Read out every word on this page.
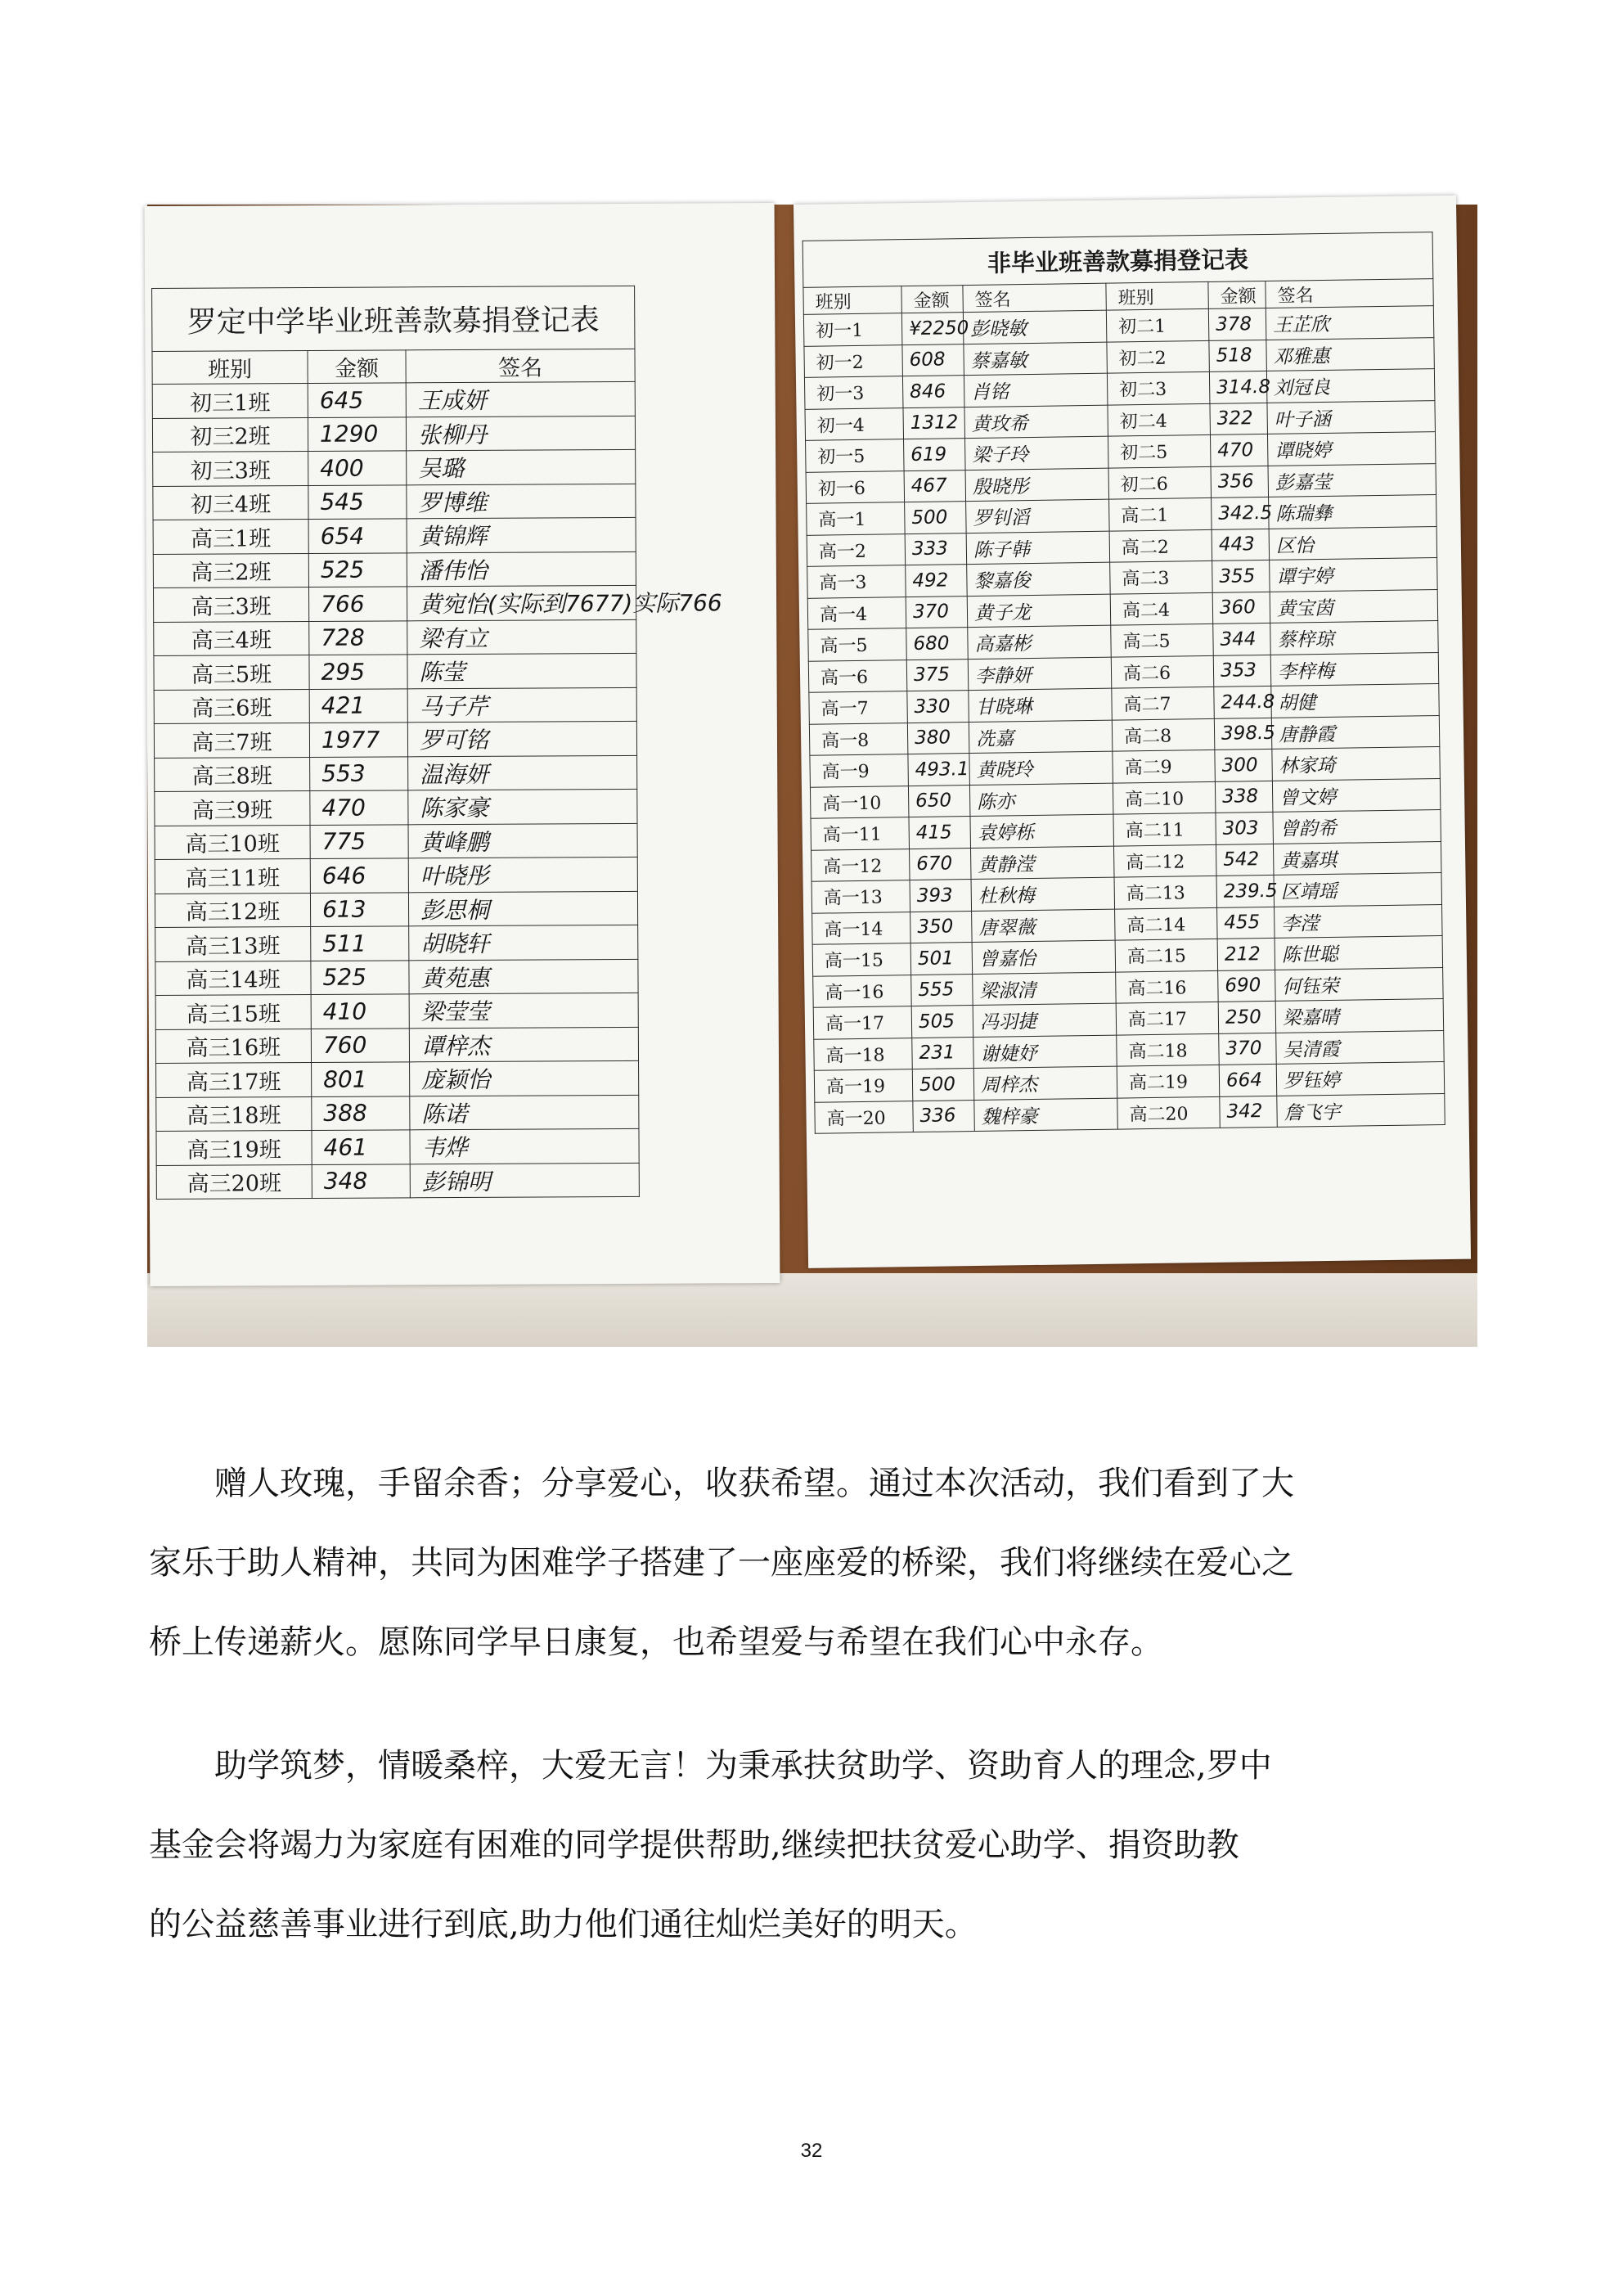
罗定中学毕业班善款募捐登记表		
班别	金额	签名
初三1班	645	王成妍
初三2班	1290	张柳丹
初三3班	400	吴璐
初三4班	545	罗博维
高三1班	654	黄锦辉
高三2班	525	潘伟怡
高三3班	766	黄宛怡(实际到7677)实际766
高三4班	728	梁有立
高三5班	295	陈莹
高三6班	421	马子芹
高三7班	1977	罗可铭
高三8班	553	温海妍
高三9班	470	陈家豪
高三10班	775	黄峰鹏
高三11班	646	叶晓彤
高三12班	613	彭思桐
高三13班	511	胡晓轩
高三14班	525	黄苑惠
高三15班	410	梁莹莹
高三16班	760	谭梓杰
高三17班	801	庞颖怡
高三18班	388	陈诺
高三19班	461	韦烨
高三20班	348	彭锦明
非毕业班善款募捐登记表					
班别	金额	签名	班别	金额	签名
初一1	¥2250	彭晓敏	初二1	378	王芷欣
初一2	608	蔡嘉敏	初二2	518	邓雅惠
初一3	846	肖铭	初二3	314.8	刘冠良
初一4	1312	黄玫希	初二4	322	叶子涵
初一5	619	梁子玲	初二5	470	谭晓婷
初一6	467	殷晓彤	初二6	356	彭嘉莹
高一1	500	罗钊滔	高二1	342.5	陈瑞彝
高一2	333	陈子韩	高二2	443	区怡
高一3	492	黎嘉俊	高二3	355	谭宇婷
高一4	370	黄子龙	高二4	360	黄宝茵
高一5	680	高嘉彬	高二5	344	蔡梓琼
高一6	375	李静妍	高二6	353	李梓梅
高一7	330	甘晓琳	高二7	244.8	胡健
高一8	380	冼嘉	高二8	398.5	唐静霞
高一9	493.1	黄晓玲	高二9	300	林家琦
高一10	650	陈亦	高二10	338	曾文婷
高一11	415	袁婷栎	高二11	303	曾韵希
高一12	670	黄静滢	高二12	542	黄嘉琪
高一13	393	杜秋梅	高二13	239.5	区靖瑶
高一14	350	唐翠薇	高二14	455	李滢
高一15	501	曾嘉怡	高二15	212	陈世聪
高一16	555	梁淑清	高二16	690	何钰荣
高一17	505	冯羽捷	高二17	250	梁嘉晴
高一18	231	谢婕妤	高二18	370	吴清霞
高一19	500	周梓杰	高二19	664	罗钰婷
高一20	336	魏梓豪	高二20	342	詹飞宇

　　赠人玫瑰，手留余香；分享爱心，收获希望。通过本次活动，我们看到了大

家乐于助人精神，共同为困难学子搭建了一座座爱的桥梁，我们将继续在爱心之

桥上传递薪火。愿陈同学早日康复，也希望爱与希望在我们心中永存。

　　助学筑梦，情暖桑梓，大爱无言！为秉承扶贫助学、资助育人的理念,罗中

基金会将竭力为家庭有困难的同学提供帮助,继续把扶贫爱心助学、捐资助教

的公益慈善事业进行到底,助力他们通往灿烂美好的明天。

32
